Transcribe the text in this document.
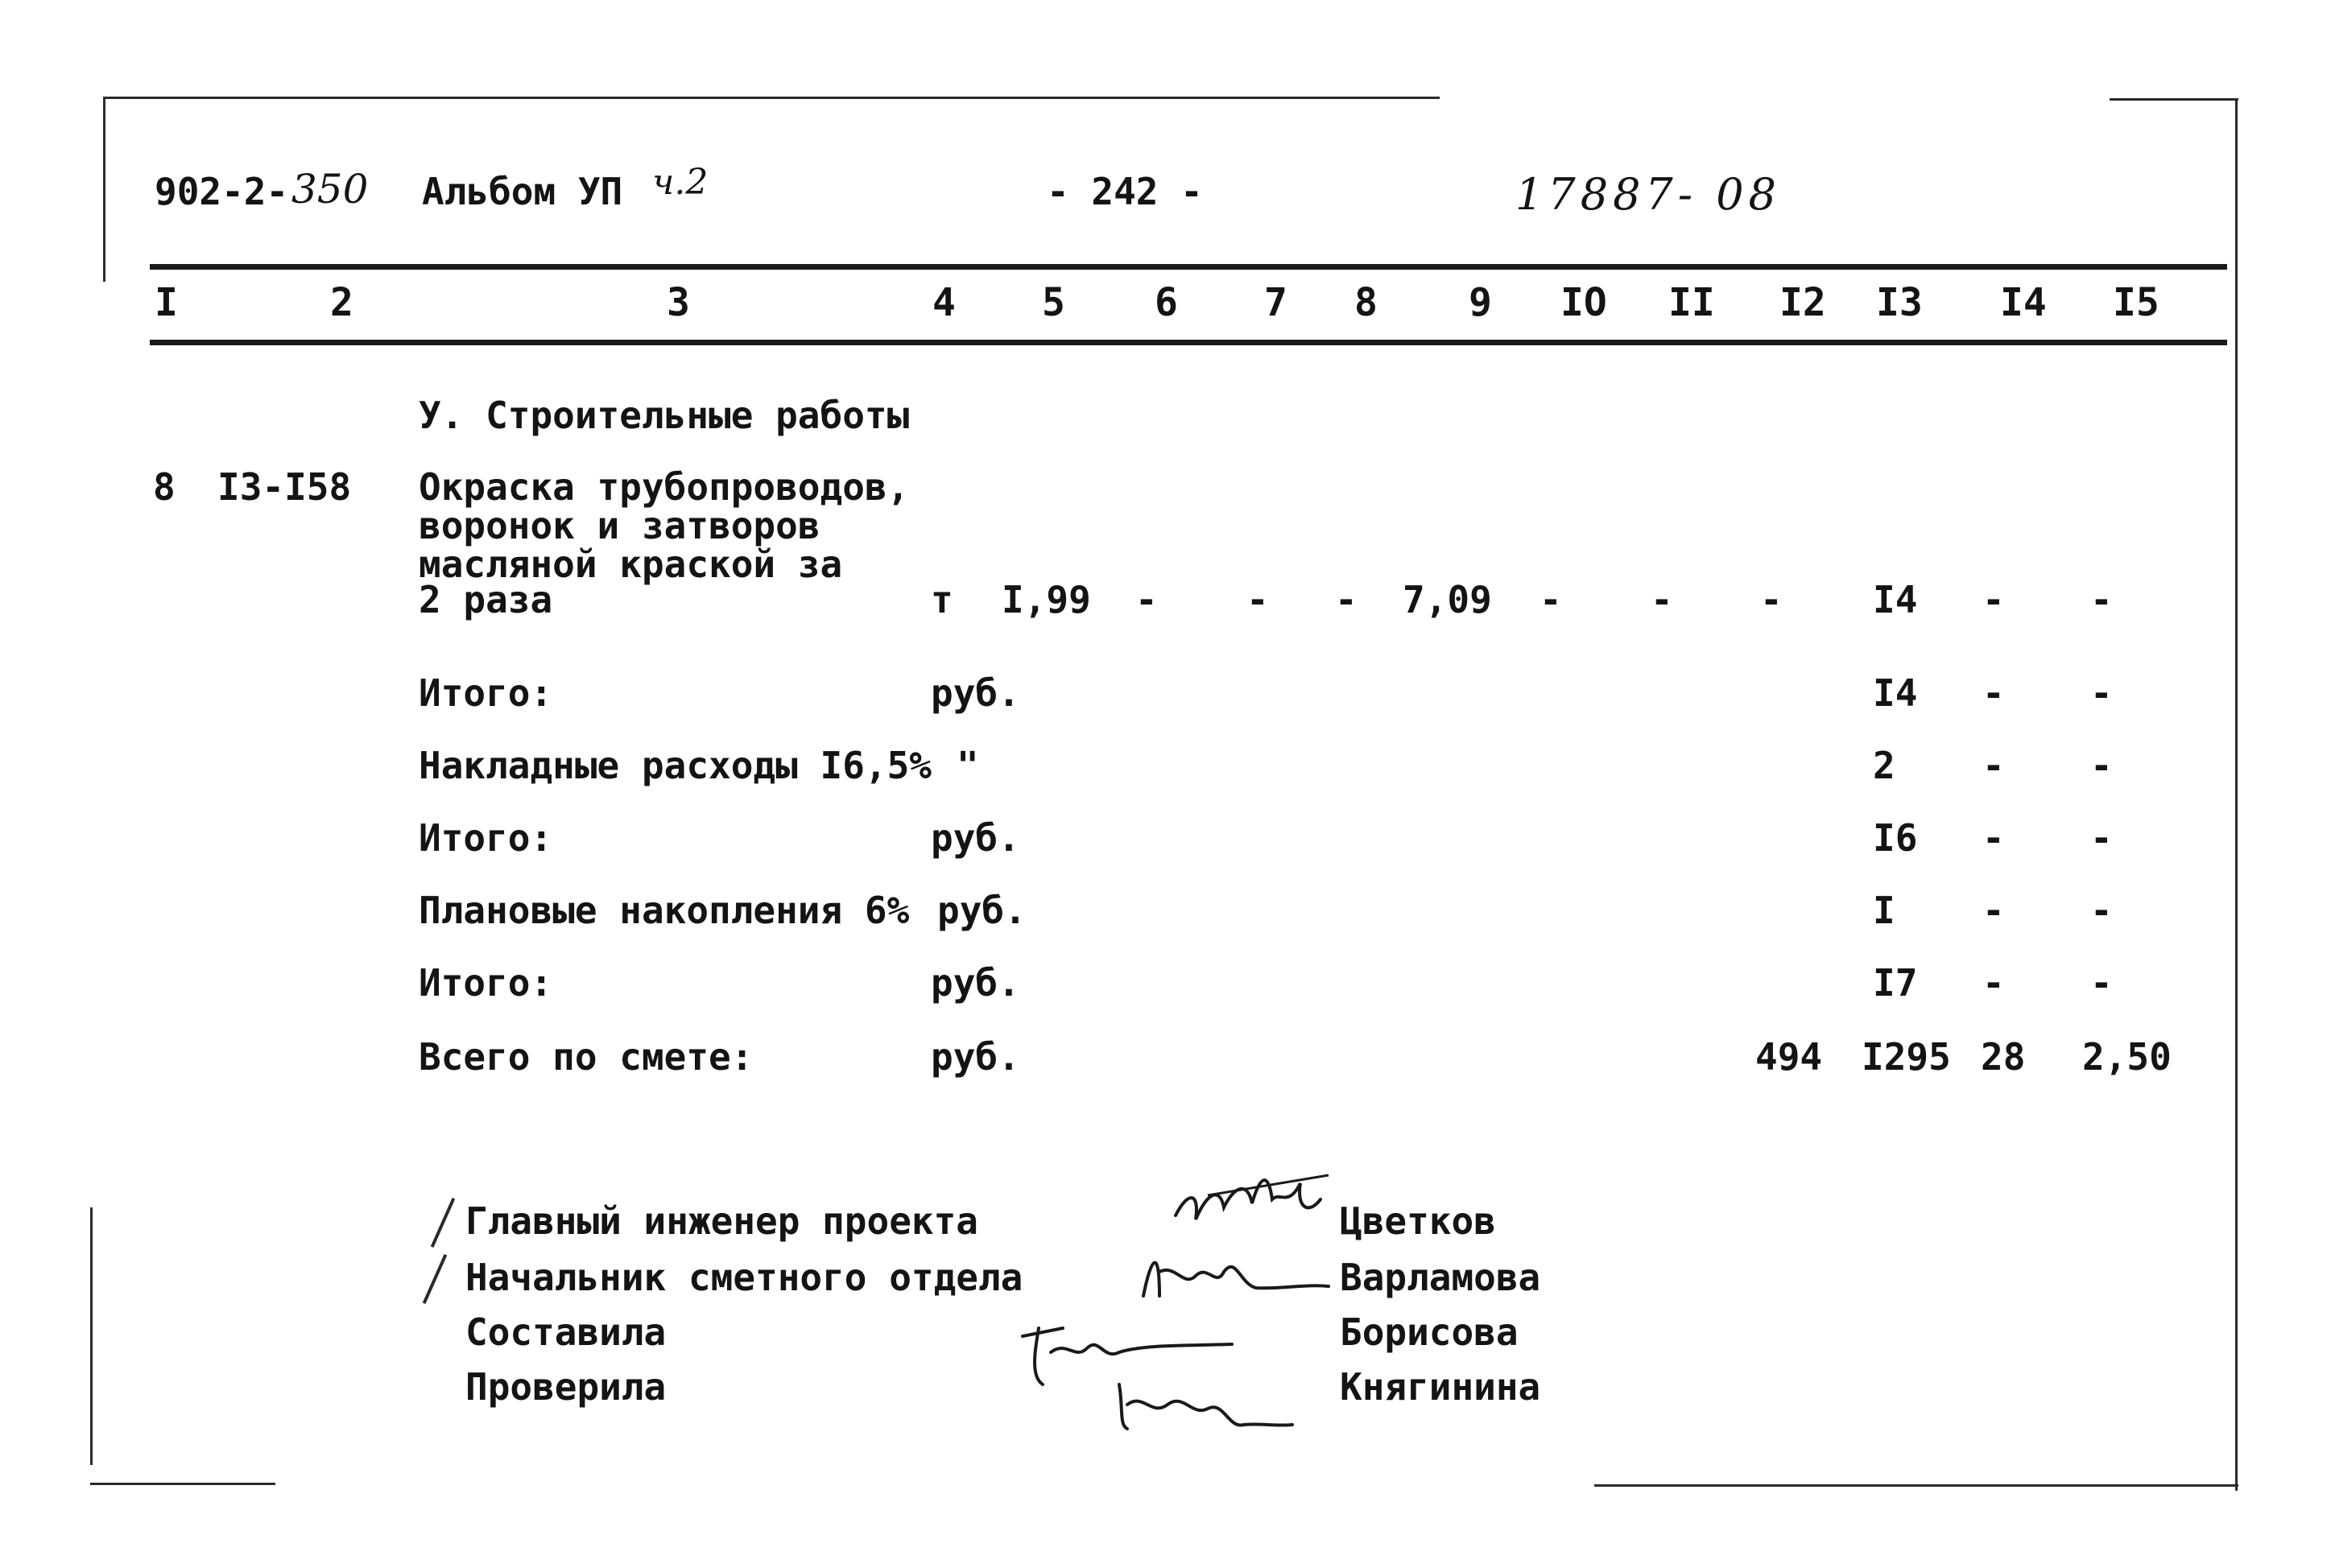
902-2- 350 Альбом УП ч.2	- 242 -	17887- 08
I	2	3	4 5 6 7 8 9 IO II I2 I3 I4 I5
У. Строительные работы
8 I3-I58 Окраска трубопроводов,
воронок и затворов
масляной краской за
2 раза	т I,99 - - - 7,09 - - - I4 - -
Итого:	руб.	I4 - -
Накладные расходы I6,5% "	2 - -
Итого:	руб.	I6 - -
Плановые накопления 6% руб.	I - -
Итого:	руб.	I7 - -
Всего по смете:	руб.	494 I295 28 2,50
Главный инженер проекта
Начальник сметного отдела
Составила
Проверила
Цветков
Варламова
Борисова
Княгинина
